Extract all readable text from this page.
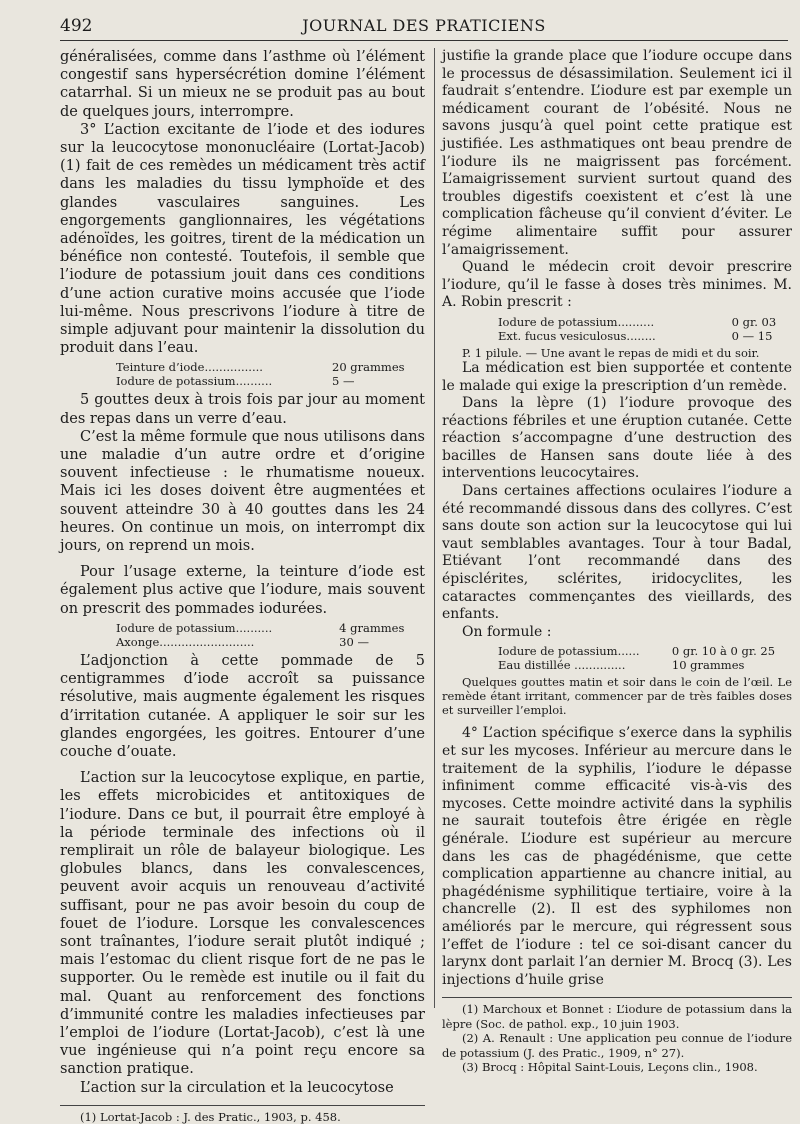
492	JOURNAL DES PRATICIENS

généralisées, comme dans l’asthme où l’élément congestif sans hypersécrétion domine l’élément catarrhal. Si un mieux ne se produit pas au bout de quelques jours, interrompre.

3° L’action excitante de l’iode et des iodures sur la leucocytose mononucléaire (Lortat-Jacob) (1) fait de ces remèdes un médicament très actif dans les maladies du tissu lymphoïde et des glandes vasculaires sanguines. Les engorgements ganglionnaires, les végétations adénoïdes, les goitres, tirent de la médication un bénéfice non contesté. Toutefois, il semble que l’iodure de potassium jouit dans ces conditions d’une action curative moins accusée que l’iode lui-même. Nous prescrivons l’iodure à titre de simple adjuvant pour maintenir la dissolution du produit dans l’eau.

Teinture d’iode................	20 grammes
Iodure de potassium..........	5 —

5 gouttes deux à trois fois par jour au moment des repas dans un verre d’eau.

C’est la même formule que nous utilisons dans une maladie d’un autre ordre et d’origine souvent infectieuse : le rhumatisme noueux. Mais ici les doses doivent être augmentées et souvent atteindre 30 à 40 gouttes dans les 24 heures. On continue un mois, on interrompt dix jours, on reprend un mois.

Pour l’usage externe, la teinture d’iode est également plus active que l’iodure, mais souvent on prescrit des pommades iodurées.

Iodure de potassium..........	4 grammes
Axonge..........................	30 —

L’adjonction à cette pommade de 5 centigrammes d’iode accroît sa puissance résolutive, mais augmente également les risques d’irritation cutanée. A appliquer le soir sur les glandes engorgées, les goitres. Entourer d’une couche d’ouate.

L’action sur la leucocytose explique, en partie, les effets microbicides et antitoxiques de l’iodure. Dans ce but, il pourrait être employé à la période terminale des infections où il remplirait un rôle de balayeur biologique. Les globules blancs, dans les convalescences, peuvent avoir acquis un renouveau d’activité suffisant, pour ne pas avoir besoin du coup de fouet de l’iodure. Lorsque les convalescences sont traînantes, l’iodure serait plutôt indiqué ; mais l’estomac du client risque fort de ne pas le supporter. Ou le remède est inutile ou il fait du mal. Quant au renforcement des fonctions d’immunité contre les maladies infectieuses par l’emploi de l’iodure (Lortat-Jacob), c’est là une vue ingénieuse qui n’a point reçu encore sa sanction pratique.

L’action sur la circulation et la leucocytose

(1) Lortat-Jacob : J. des Pratic., 1903, p. 458.

justifie la grande place que l’iodure occupe dans le processus de désassimilation. Seulement ici il faudrait s’entendre. L’iodure est par exemple un médicament courant de l’obésité. Nous ne savons jusqu’à quel point cette pratique est justifiée. Les asthmatiques ont beau prendre de l’iodure ils ne maigrissent pas forcément. L’amaigrissement survient surtout quand des troubles digestifs coexistent et c’est là une complication fâcheuse qu’il convient d’éviter. Le régime alimentaire suffit pour assurer l’amaigrissement.

Quand le médecin croit devoir prescrire l’iodure, qu’il le fasse à doses très minimes. M. A. Robin prescrit :

Iodure de potassium..........	0 gr. 03
Ext. fucus vesiculosus........	0 — 15

P. 1 pilule. — Une avant le repas de midi et du soir.

La médication est bien supportée et contente le malade qui exige la prescription d’un remède.

Dans la lèpre (1) l’iodure provoque des réactions fébriles et une éruption cutanée. Cette réaction s’accompagne d’une destruction des bacilles de Hansen sans doute liée à des interventions leucocytaires.

Dans certaines affections oculaires l’iodure a été recommandé dissous dans des collyres. C’est sans doute son action sur la leucocytose qui lui vaut semblables avantages. Tour à tour Badal, Etiévant l’ont recommandé dans des épisclérites, sclérites, iridocyclites, les cataractes commençantes des vieillards, des enfants.

On formule :

Iodure de potassium......	0 gr. 10 à 0 gr. 25
Eau distillée ..............	10 grammes

Quelques gouttes matin et soir dans le coin de l’œil. Le remède étant irritant, commencer par de très faibles doses et surveiller l’emploi.

4° L’action spécifique s’exerce dans la syphilis et sur les mycoses. Inférieur au mercure dans le traitement de la syphilis, l’iodure le dépasse infiniment comme efficacité vis-à-vis des mycoses. Cette moindre activité dans la syphilis ne saurait toutefois être érigée en règle générale. L’iodure est supérieur au mercure dans les cas de phagédénisme, que cette complication appartienne au chancre initial, au phagédénisme syphilitique tertiaire, voire à la chancrelle (2). Il est des syphilomes non améliorés par le mercure, qui régressent sous l’effet de l’iodure : tel ce soi-disant cancer du larynx dont parlait l’an dernier M. Brocq (3). Les injections d’huile grise

(1) Marchoux et Bonnet : L’iodure de potassium dans la lèpre (Soc. de pathol. exp., 10 juin 1903.

(2) A. Renault : Une application peu connue de l’iodure de potassium (J. des Pratic., 1909, n° 27).

(3) Brocq : Hôpital Saint-Louis, Leçons clin., 1908.
